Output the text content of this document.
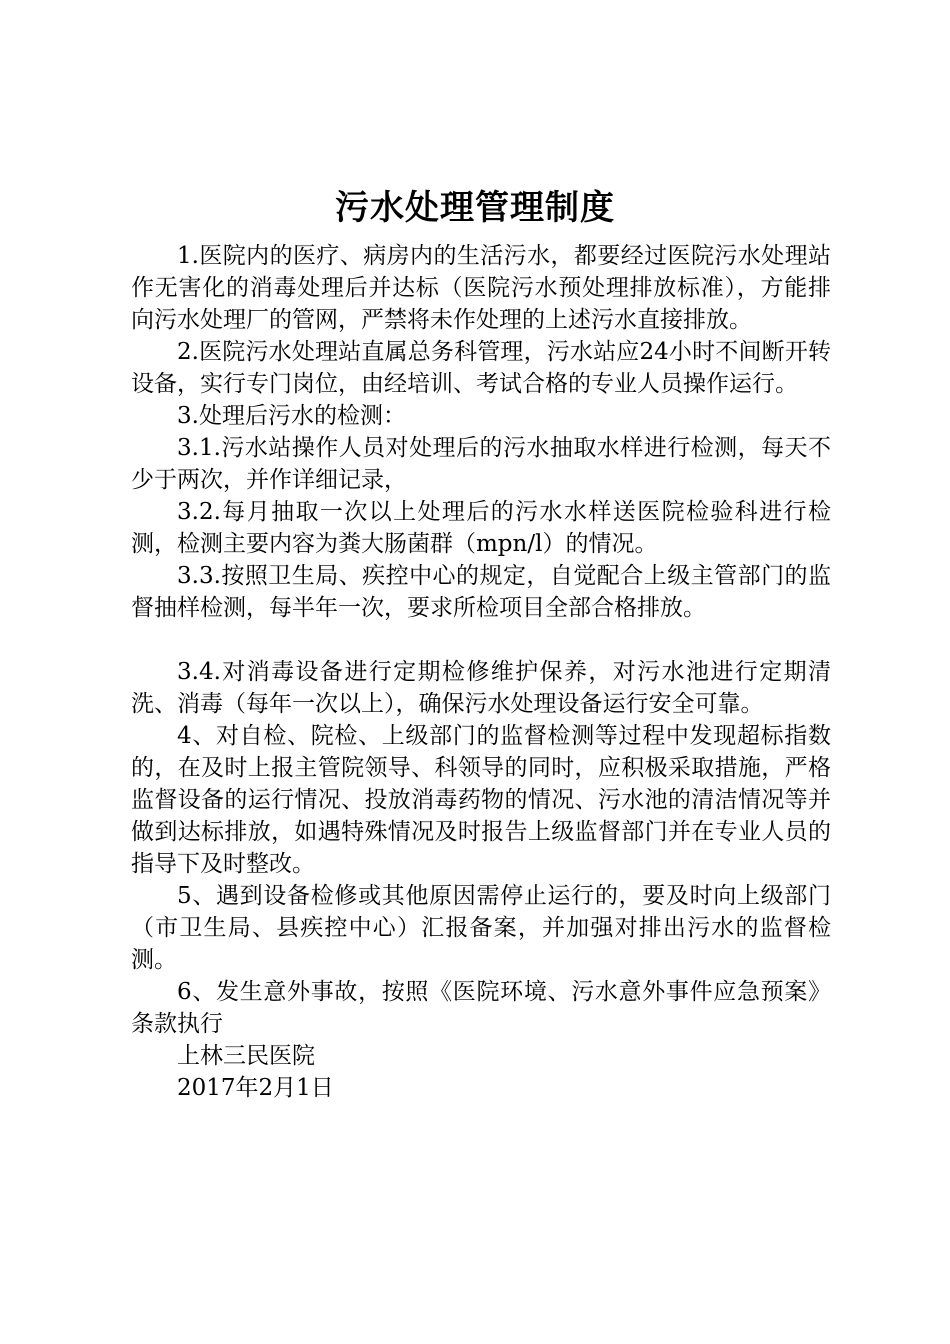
污水处理管理制度

1.医院内的医疗、病房内的生活污水，都要经过医院污水处理站作无害化的消毒处理后并达标（医院污水预处理排放标准），方能排向污水处理厂的管网，严禁将未作处理的上述污水直接排放。

2.医院污水处理站直属总务科管理，污水站应24小时不间断开转设备，实行专门岗位，由经培训、考试合格的专业人员操作运行。

3.处理后污水的检测：

3.1.污水站操作人员对处理后的污水抽取水样进行检测，每天不少于两次，并作详细记录，

3.2.每月抽取一次以上处理后的污水水样送医院检验科进行检测，检测主要内容为粪大肠菌群（mpn/l）的情况。

3.3.按照卫生局、疾控中心的规定，自觉配合上级主管部门的监督抽样检测，每半年一次，要求所检项目全部合格排放。

3.4.对消毒设备进行定期检修维护保养，对污水池进行定期清洗、消毒（每年一次以上），确保污水处理设备运行安全可靠。

4、对自检、院检、上级部门的监督检测等过程中发现超标指数的，在及时上报主管院领导、科领导的同时，应积极采取措施，严格监督设备的运行情况、投放消毒药物的情况、污水池的清洁情况等并做到达标排放，如遇特殊情况及时报告上级监督部门并在专业人员的指导下及时整改。

5、遇到设备检修或其他原因需停止运行的，要及时向上级部门（市卫生局、县疾控中心）汇报备案，并加强对排出污水的监督检测。

6、发生意外事故，按照《医院环境、污水意外事件应急预案》条款执行

上林三民医院

2017年2月1日
